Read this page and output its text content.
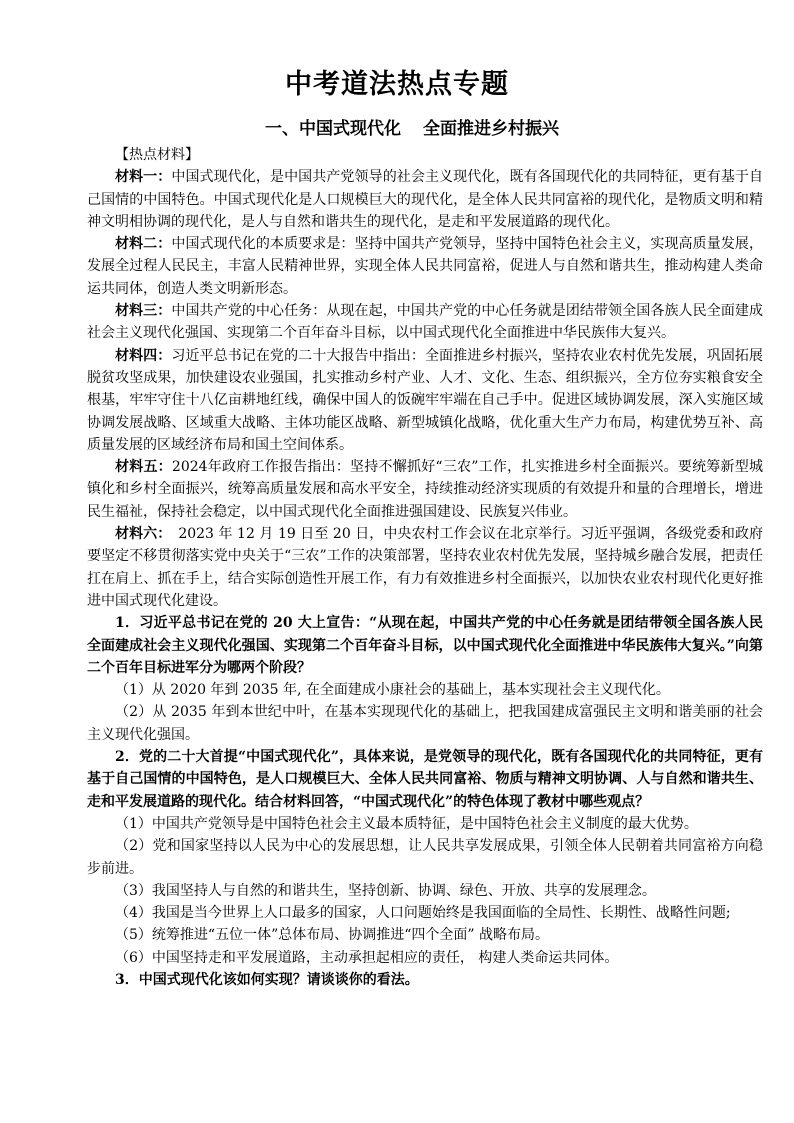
中考道法热点专题
一、中国式现代化 全面推进乡村振兴
【热点材料】
材料一：中国式现代化，是中国共产党领导的社会主义现代化，既有各国现代化的共同特征，更有基于自己国情的中国特色。中国式现代化是人口规模巨大的现代化，是全体人民共同富裕的现代化，是物质文明和精神文明相协调的现代化，是人与自然和谐共生的现代化，是走和平发展道路的现代化。
材料二：中国式现代化的本质要求是：坚持中国共产党领导，坚持中国特色社会主义，实现高质量发展，发展全过程人民民主，丰富人民精神世界，实现全体人民共同富裕，促进人与自然和谐共生，推动构建人类命运共同体，创造人类文明新形态。
材料三：中国共产党的中心任务：从现在起，中国共产党的中心任务就是团结带领全国各族人民全面建成社会主义现代化强国、实现第二个百年奋斗目标，以中国式现代化全面推进中华民族伟大复兴。
材料四：习近平总书记在党的二十大报告中指出：全面推进乡村振兴，坚持农业农村优先发展，巩固拓展脱贫攻坚成果，加快建设农业强国，扎实推动乡村产业、人才、文化、生态、组织振兴，全方位夯实粮食安全根基，牢牢守住十八亿亩耕地红线，确保中国人的饭碗牢牢端在自己手中。促进区域协调发展，深入实施区域协调发展战略、区域重大战略、主体功能区战略、新型城镇化战略，优化重大生产力布局，构建优势互补、高质量发展的区域经济布局和国土空间体系。
材料五：2024年政府工作报告指出：坚持不懈抓好“三农”工作，扎实推进乡村全面振兴。要统筹新型城镇化和乡村全面振兴，统筹高质量发展和高水平安全，持续推动经济实现质的有效提升和量的合理增长，增进民生福祉，保持社会稳定，以中国式现代化全面推进强国建设、民族复兴伟业。
材料六：　2023 年 12 月 19 日至 20 日，中央农村工作会议在北京举行。习近平强调，各级党委和政府要坚定不移贯彻落实党中央关于“三农”工作的决策部署，坚持农业农村优先发展，坚持城乡融合发展，把责任扛在肩上、抓在手上，结合实际创造性开展工作，有力有效推进乡村全面振兴，以加快农业农村现代化更好推进中国式现代化建设。
1．习近平总书记在党的 20 大上宣告：“从现在起，中国共产党的中心任务就是团结带领全国各族人民全面建成社会主义现代化强国、实现第二个百年奋斗目标，以中国式现代化全面推进中华民族伟大复兴。”向第二个百年目标进军分为哪两个阶段？
（1）从 2020 年到 2035 年, 在全面建成小康社会的基础上，基本实现社会主义现代化。
（2）从 2035 年到本世纪中叶，在基本实现现代化的基础上，把我国建成富强民主文明和谐美丽的社会主义现代化强国。
2．党的二十大首提“中国式现代化”，具体来说，是党领导的现代化，既有各国现代化的共同特征，更有基于自己国情的中国特色，是人口规模巨大、全体人民共同富裕、物质与精神文明协调、人与自然和谐共生、走和平发展道路的现代化。结合材料回答，“中国式现代化”的特色体现了教材中哪些观点？
（1）中国共产党领导是中国特色社会主义最本质特征，是中国特色社会主义制度的最大优势。
（2）党和国家坚持以人民为中心的发展思想，让人民共享发展成果，引领全体人民朝着共同富裕方向稳步前进。
（3）我国坚持人与自然的和谐共生，坚持创新、协调、绿色、开放、共享的发展理念。
（4）我国是当今世界上人口最多的国家，人口问题始终是我国面临的全局性、长期性、战略性问题;
（5）统筹推进“五位一体”总体布局、协调推进“四个全面” 战略布局。
（6）中国坚持走和平发展道路，主动承担起相应的责任， 构建人类命运共同体。
3．中国式现代化该如何实现？请谈谈你的看法。
